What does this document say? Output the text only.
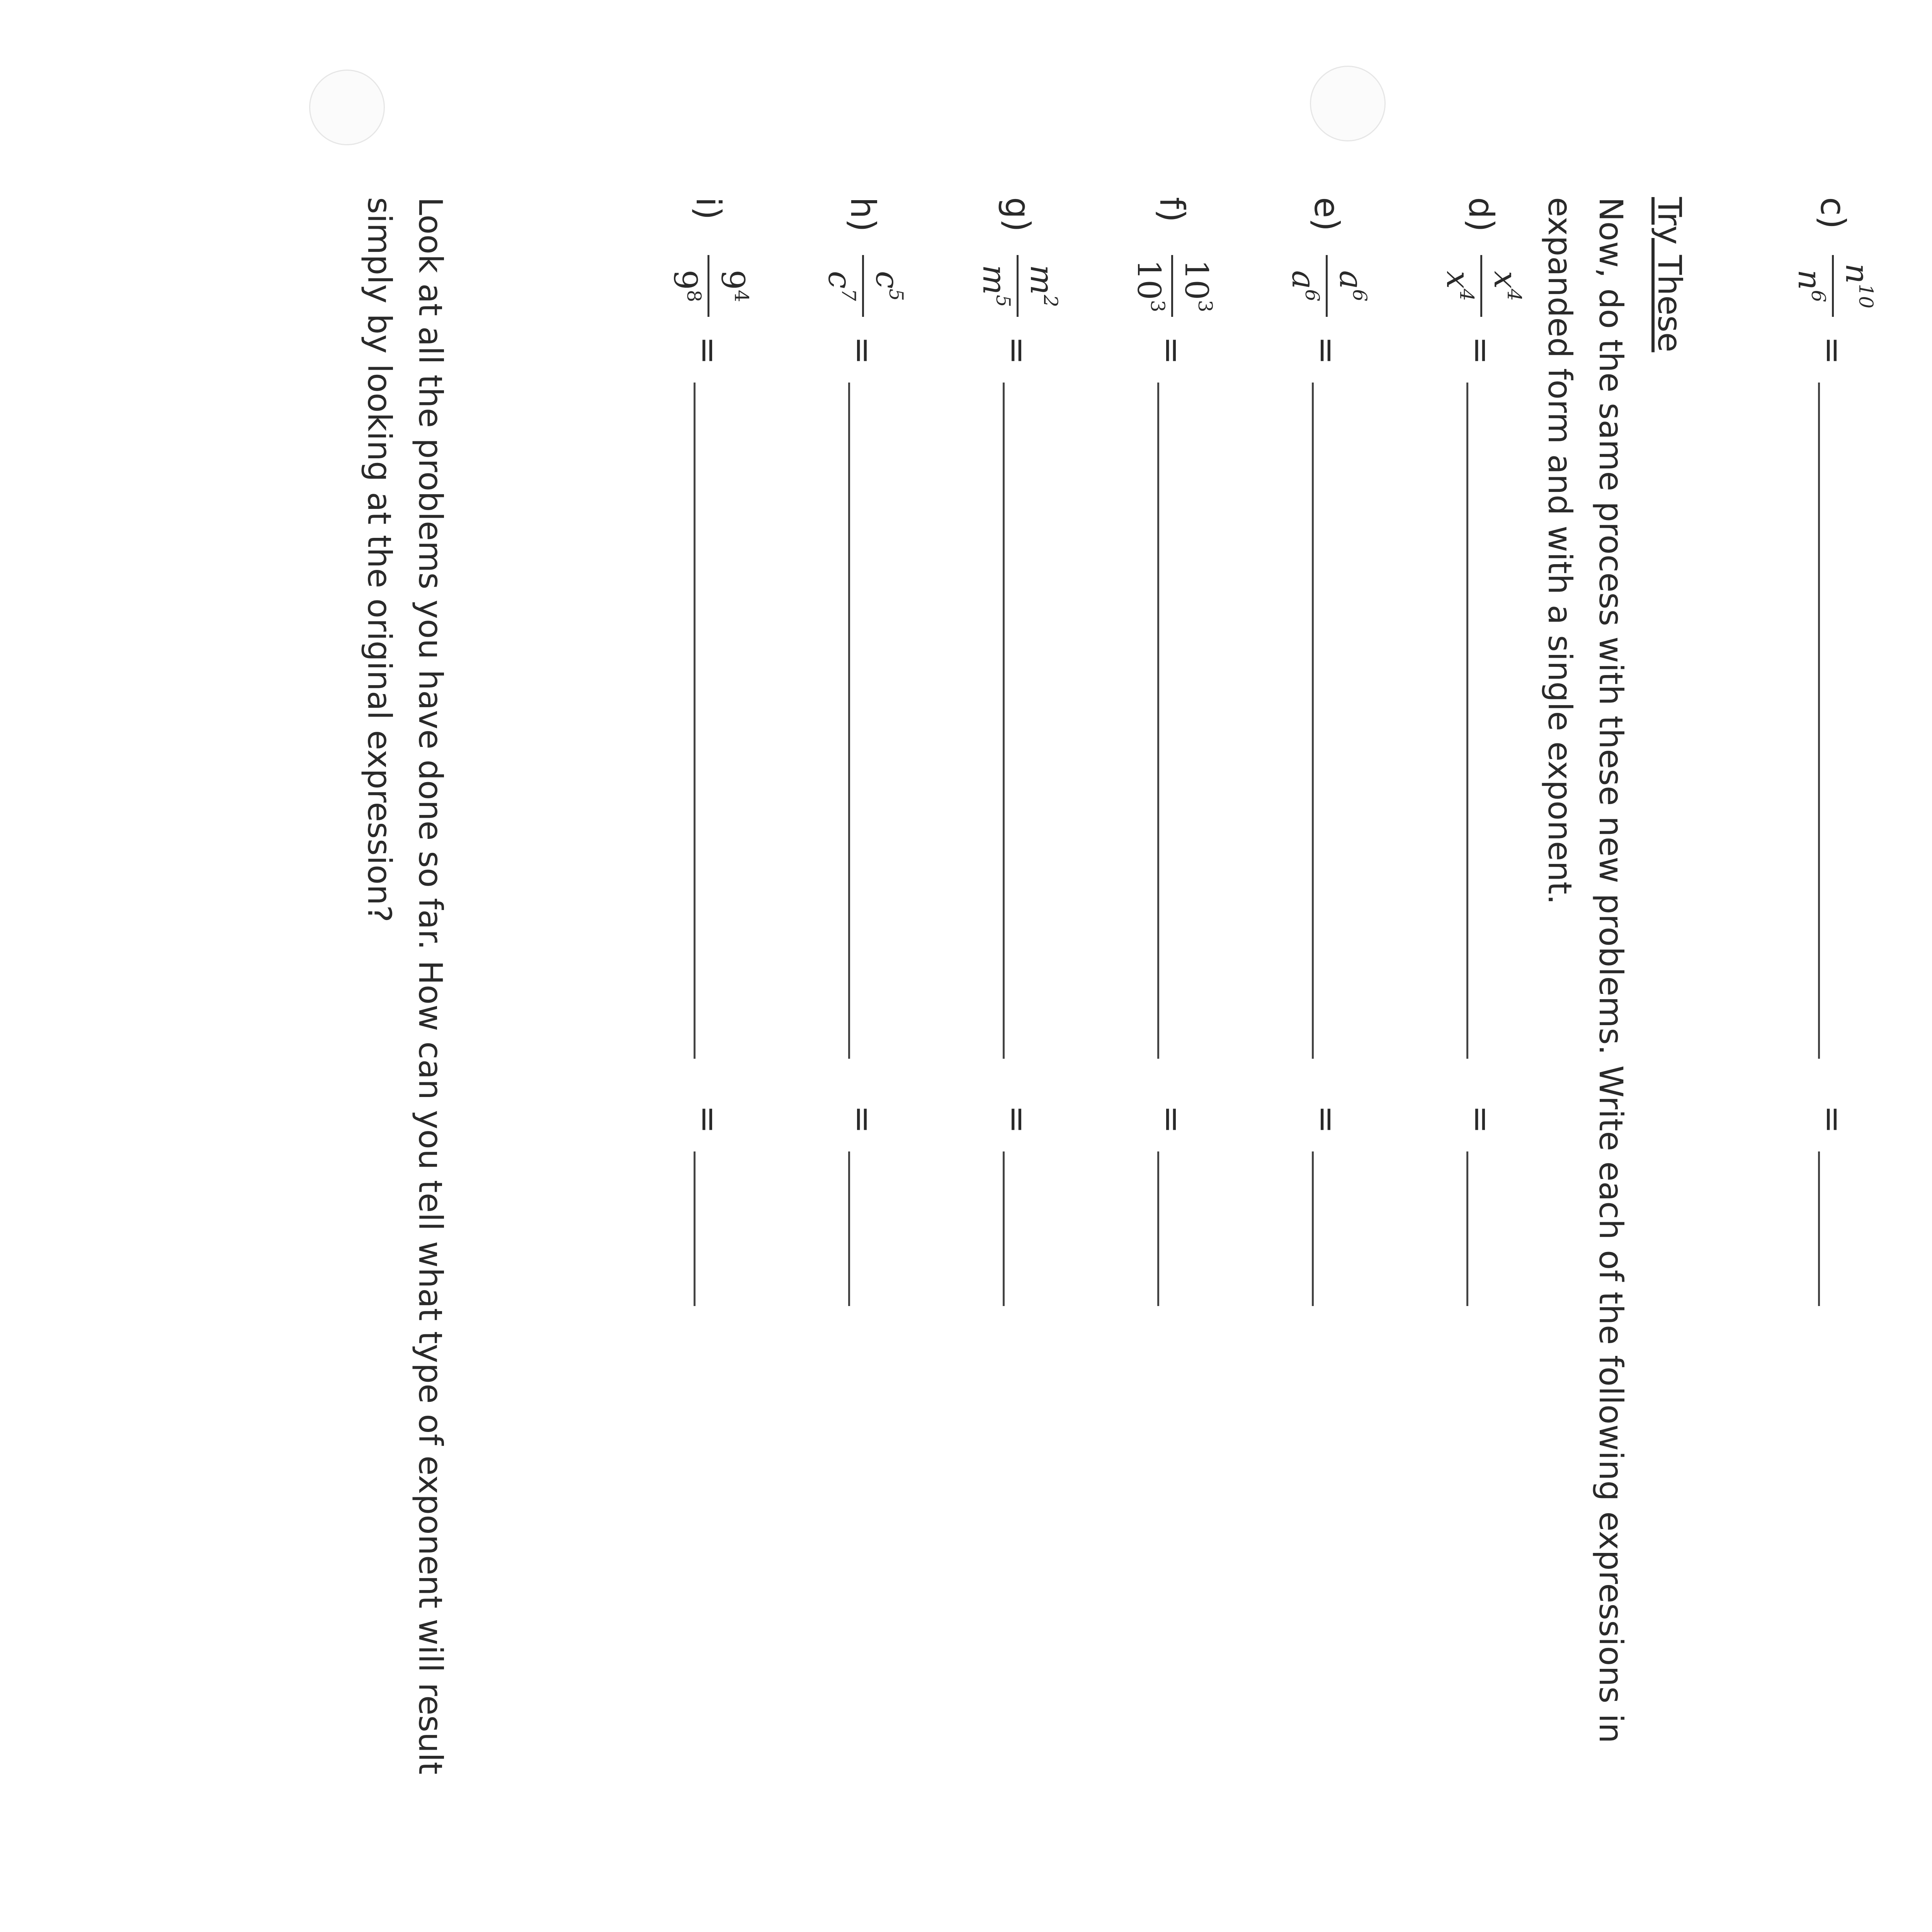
c)
$n^{10}$
$n^6$
=
=
Try These
Now, do the same process with these new problems. Write each of the following expressions in expanded form and with a single exponent.
d)
$x^4$
$x^4$
=
=
e)
$a^6$
$a^6$
=
=
f)
$10^3$
$10^3$
=
=
g)
$m^2$
$m^5$
=
=
h)
$c^5$
$c^7$
=
=
i)
$9^4$
$9^8$
=
=
Look at all the problems you have done so far. How can you tell what type of exponent will result simply by looking at the original expression?
